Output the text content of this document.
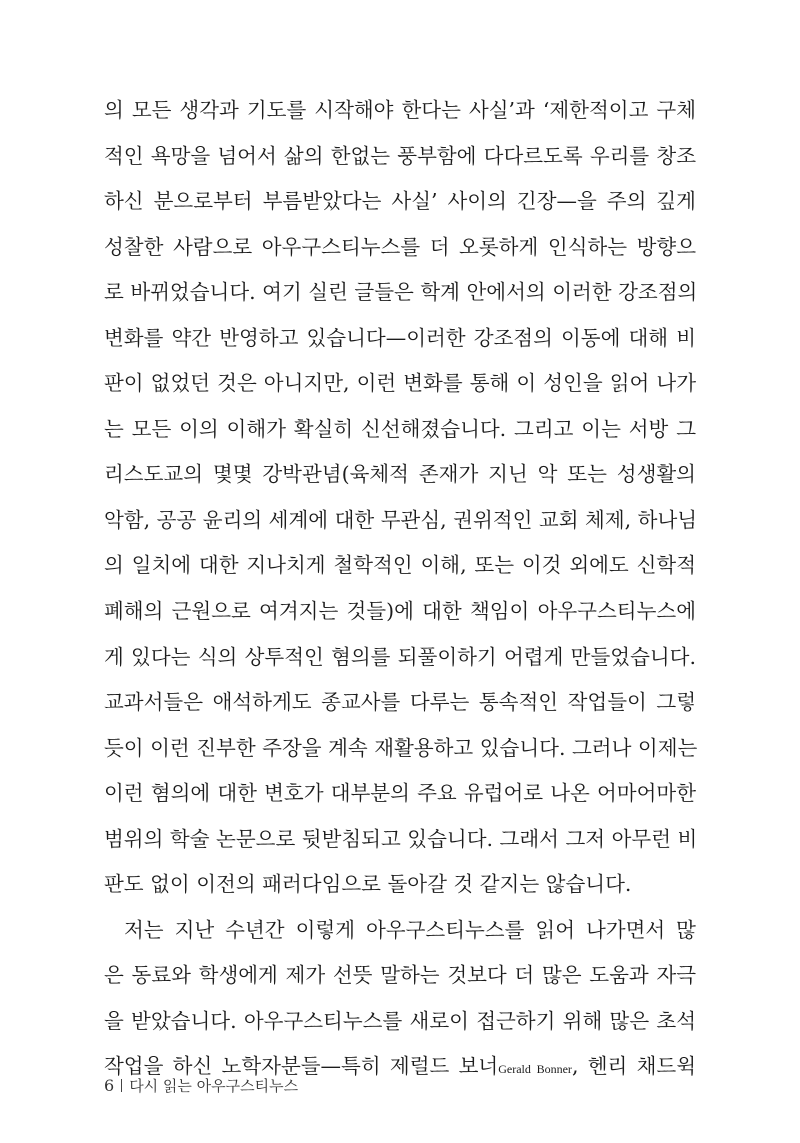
의 모든 생각과 기도를 시작해야 한다는 사실’과 ‘제한적이고 구체
적인 욕망을 넘어서 삶의 한없는 풍부함에 다다르도록 우리를 창조
하신 분으로부터 부름받았다는 사실’ 사이의 긴장—을 주의 깊게
성찰한 사람으로 아우구스티누스를 더 오롯하게 인식하는 방향으
로 바뀌었습니다. 여기 실린 글들은 학계 안에서의 이러한 강조점의
변화를 약간 반영하고 있습니다—이러한 강조점의 이동에 대해 비
판이 없었던 것은 아니지만, 이런 변화를 통해 이 성인을 읽어 나가
는 모든 이의 이해가 확실히 신선해졌습니다. 그리고 이는 서방 그
리스도교의 몇몇 강박관념(육체적 존재가 지닌 악 또는 성생활의
악함, 공공 윤리의 세계에 대한 무관심, 권위적인 교회 체제, 하나님
의 일치에 대한 지나치게 철학적인 이해, 또는 이것 외에도 신학적
폐해의 근원으로 여겨지는 것들)에 대한 책임이 아우구스티누스에
게 있다는 식의 상투적인 혐의를 되풀이하기 어렵게 만들었습니다.
교과서들은 애석하게도 종교사를 다루는 통속적인 작업들이 그렇
듯이 이런 진부한 주장을 계속 재활용하고 있습니다. 그러나 이제는
이런 혐의에 대한 변호가 대부분의 주요 유럽어로 나온 어마어마한
범위의 학술 논문으로 뒷받침되고 있습니다. 그래서 그저 아무런 비
판도 없이 이전의 패러다임으로 돌아갈 것 같지는 않습니다.
저는 지난 수년간 이렇게 아우구스티누스를 읽어 나가면서 많
은 동료와 학생에게 제가 선뜻 말하는 것보다 더 많은 도움과 자극
을 받았습니다. 아우구스티누스를 새로이 접근하기 위해 많은 초석
작업을 하신 노학자분들—특히 제럴드 보너Gerald Bonner, 헨리 채드윅
6 다시 읽는 아우구스티누스
